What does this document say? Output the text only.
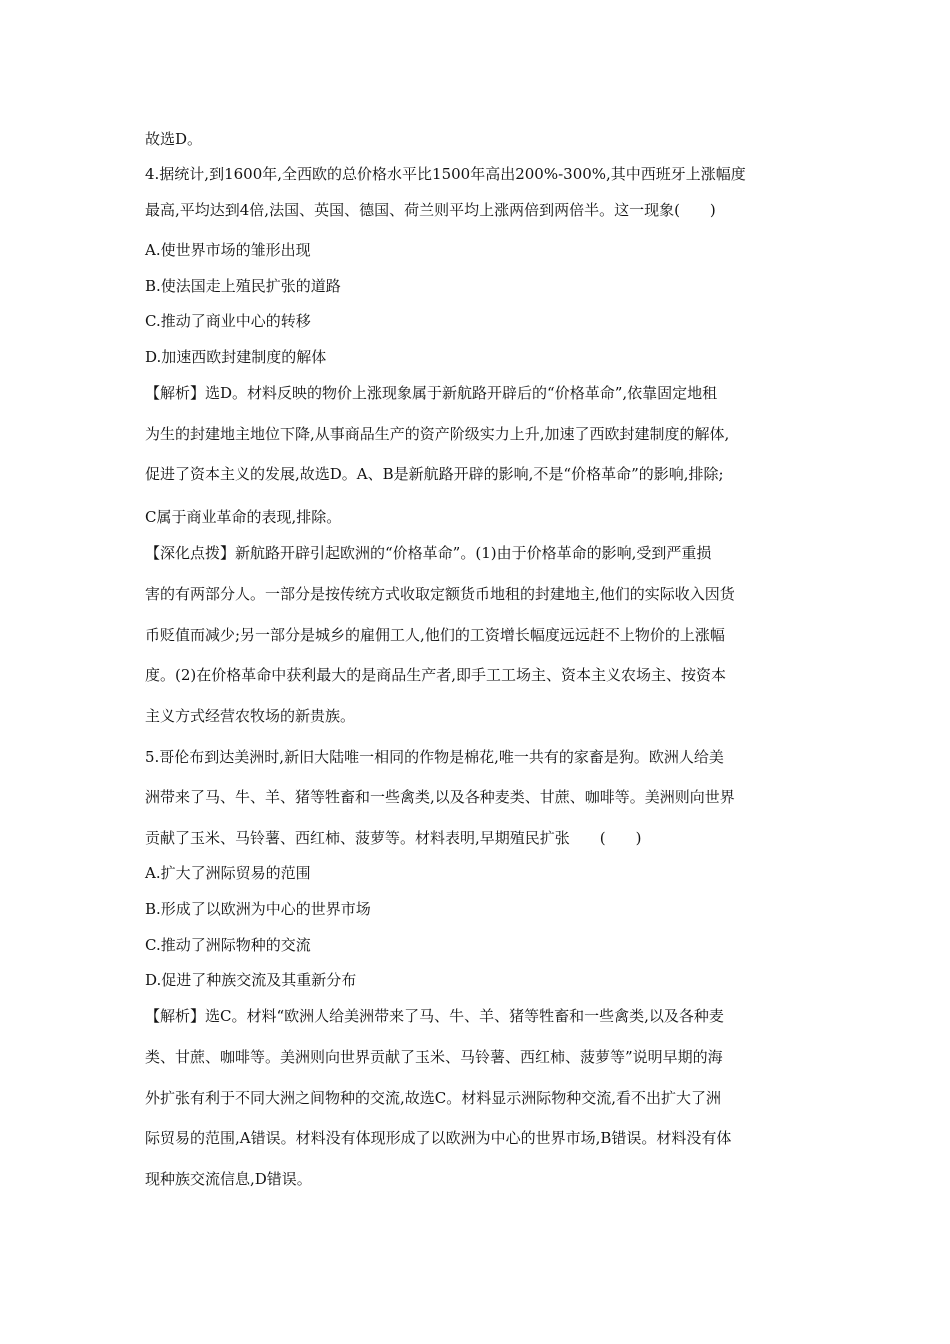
故选D。
4.据统计,到1600年,全西欧的总价格水平比1500年高出200%-300%,其中西班牙上涨幅度
最高,平均达到4倍,法国、英国、德国、荷兰则平均上涨两倍到两倍半。这一现象(　　)
A.使世界市场的雏形出现
B.使法国走上殖民扩张的道路
C.推动了商业中心的转移
D.加速西欧封建制度的解体
【解析】选D。材料反映的物价上涨现象属于新航路开辟后的“价格革命”,依靠固定地租
为生的封建地主地位下降,从事商品生产的资产阶级实力上升,加速了西欧封建制度的解体,
促进了资本主义的发展,故选D。A、B是新航路开辟的影响,不是“价格革命”的影响,排除;
C属于商业革命的表现,排除。
【深化点拨】新航路开辟引起欧洲的“价格革命”。(1)由于价格革命的影响,受到严重损
害的有两部分人。一部分是按传统方式收取定额货币地租的封建地主,他们的实际收入因货
币贬值而减少;另一部分是城乡的雇佣工人,他们的工资增长幅度远远赶不上物价的上涨幅
度。(2)在价格革命中获利最大的是商品生产者,即手工工场主、资本主义农场主、按资本
主义方式经营农牧场的新贵族。
5.哥伦布到达美洲时,新旧大陆唯一相同的作物是棉花,唯一共有的家畜是狗。欧洲人给美
洲带来了马、牛、羊、猪等牲畜和一些禽类,以及各种麦类、甘蔗、咖啡等。美洲则向世界
贡献了玉米、马铃薯、西红柿、菠萝等。材料表明,早期殖民扩张　　(　　)
A.扩大了洲际贸易的范围
B.形成了以欧洲为中心的世界市场
C.推动了洲际物种的交流
D.促进了种族交流及其重新分布
【解析】选C。材料“欧洲人给美洲带来了马、牛、羊、猪等牲畜和一些禽类,以及各种麦
类、甘蔗、咖啡等。美洲则向世界贡献了玉米、马铃薯、西红柿、菠萝等”说明早期的海
外扩张有利于不同大洲之间物种的交流,故选C。材料显示洲际物种交流,看不出扩大了洲
际贸易的范围,A错误。材料没有体现形成了以欧洲为中心的世界市场,B错误。材料没有体
现种族交流信息,D错误。
